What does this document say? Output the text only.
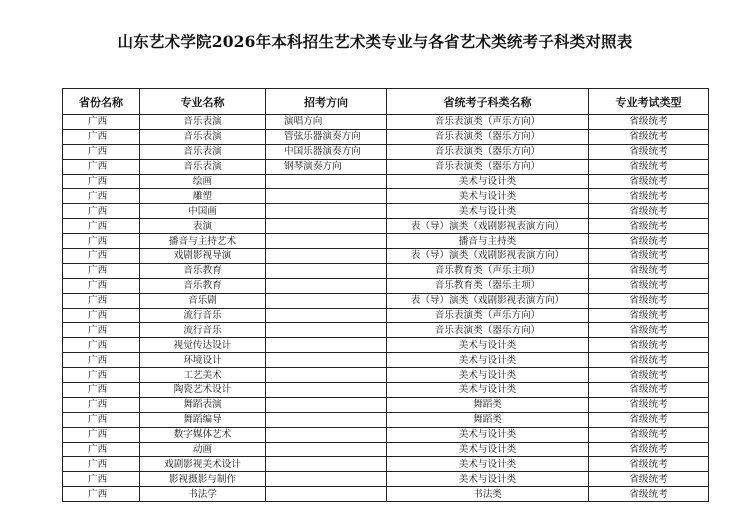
山东艺术学院2026年本科招生艺术类专业与各省艺术类统考子科类对照表
省份名称	专业名称	招考方向	省统考子科类名称	专业考试类型
广西	音乐表演	演唱方向	音乐表演类（声乐方向）	省级统考
广西	音乐表演	管弦乐器演奏方向	音乐表演类（器乐方向）	省级统考
广西	音乐表演	中国乐器演奏方向	音乐表演类（器乐方向）	省级统考
广西	音乐表演	钢琴演奏方向	音乐表演类（器乐方向）	省级统考
广西	绘画		美术与设计类	省级统考
广西	雕塑		美术与设计类	省级统考
广西	中国画		美术与设计类	省级统考
广西	表演		表（导）演类（戏剧影视表演方向）	省级统考
广西	播音与主持艺术		播音与主持类	省级统考
广西	戏剧影视导演		表（导）演类（戏剧影视表演方向）	省级统考
广西	音乐教育		音乐教育类（声乐主项）	省级统考
广西	音乐教育		音乐教育类（器乐主项）	省级统考
广西	音乐剧		表（导）演类（戏剧影视表演方向）	省级统考
广西	流行音乐		音乐表演类（声乐方向）	省级统考
广西	流行音乐		音乐表演类（器乐方向）	省级统考
广西	视觉传达设计		美术与设计类	省级统考
广西	环境设计		美术与设计类	省级统考
广西	工艺美术		美术与设计类	省级统考
广西	陶瓷艺术设计		美术与设计类	省级统考
广西	舞蹈表演		舞蹈类	省级统考
广西	舞蹈编导		舞蹈类	省级统考
广西	数字媒体艺术		美术与设计类	省级统考
广西	动画		美术与设计类	省级统考
广西	戏剧影视美术设计		美术与设计类	省级统考
广西	影视摄影与制作		美术与设计类	省级统考
广西	书法学		书法类	省级统考
